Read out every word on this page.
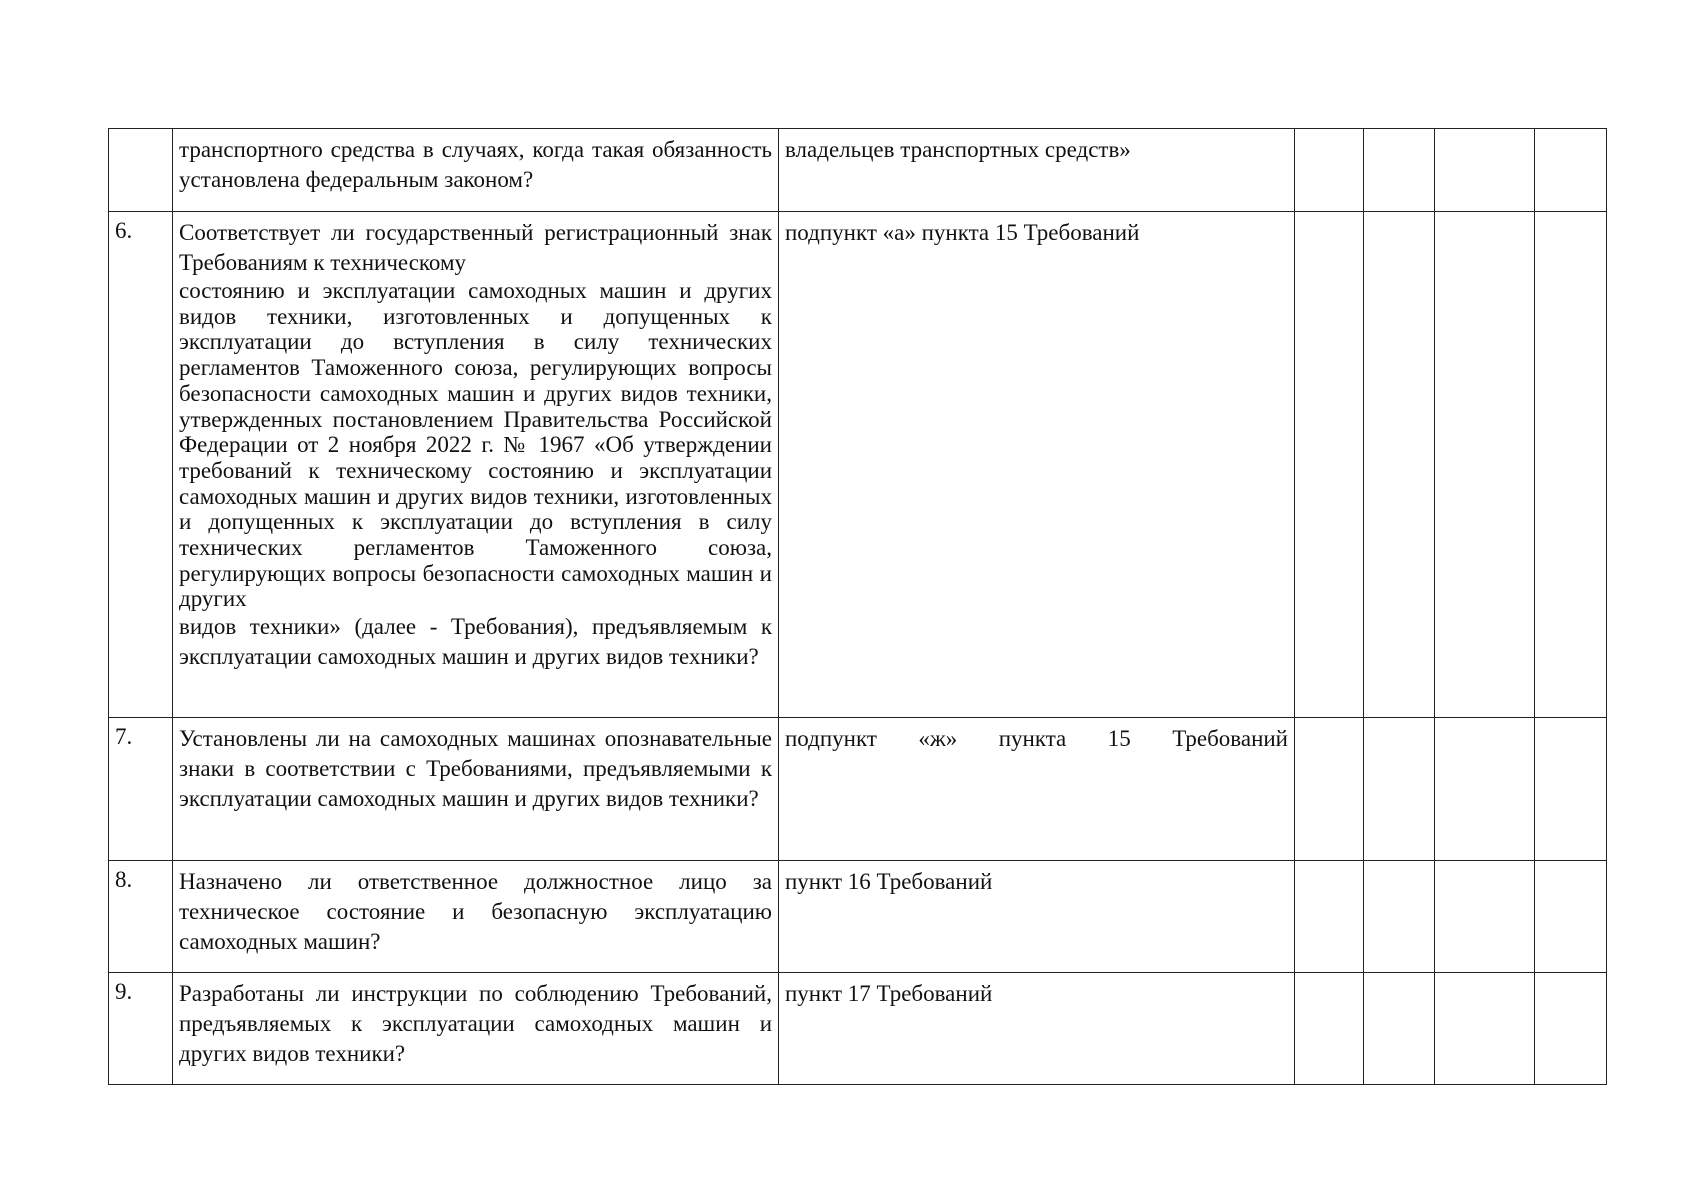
	транспортного средства в случаях, когда такая обязанность установлена федеральным законом?	владельцев транспортных средств»				

6.	Соответствует ли государственный регистрационный знак Требованиям к техническому
состоянию и эксплуатации самоходных машин и других видов техники, изготовленных и допущенных к эксплуатации до вступления в силу технических регламентов Таможенного союза, регулирующих вопросы безопасности самоходных машин и других видов техники, утвержденных постановлением Правительства Российской Федерации от 2 ноября 2022 г. № 1967 «Об утверждении требований к техническому состоянию и эксплуатации самоходных машин и других видов техники, изготовленных и допущенных к эксплуатации до вступления в силу технических регламентов Таможенного союза, регулирующих вопросы безопасности самоходных машин и других
видов техники» (далее - Требования), предъявляемым к эксплуатации самоходных машин и других видов техники?	подпункт «а» пункта 15 Требований				

7.	Установлены ли на самоходных машинах опознавательные знаки в соответствии с Требованиями, предъявляемыми к эксплуатации самоходных машин и других видов техники?	подпункт «ж» пункта 15 Требований				

8.	Назначено ли ответственное должностное лицо за техническое состояние и безопасную эксплуатацию самоходных машин?	пункт 16 Требований				

9.	Разработаны ли инструкции по соблюдению Требований, предъявляемых к эксплуатации самоходных машин и других видов техники?	пункт 17 Требований				
